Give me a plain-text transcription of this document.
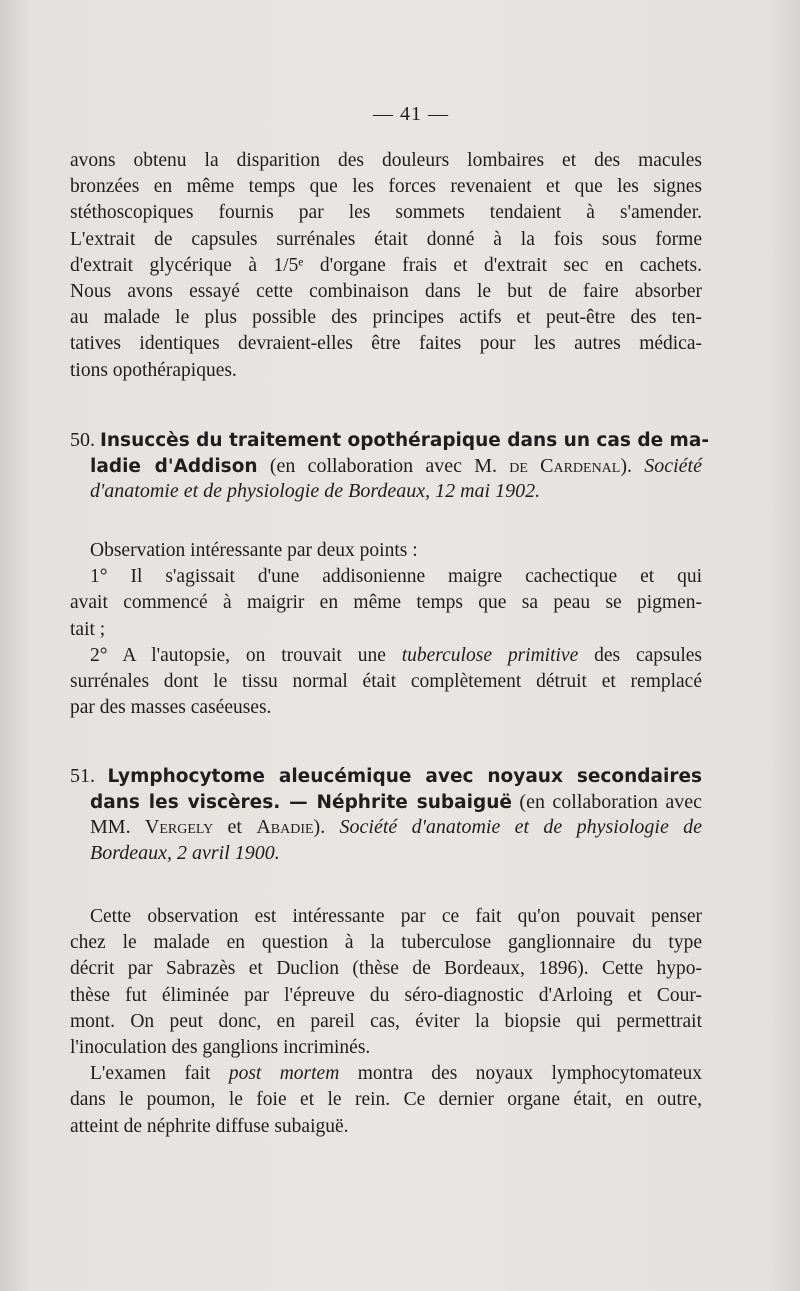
— 41 —
avons obtenu la disparition des douleurs lombaires et des macules
bronzées en même temps que les forces revenaient et que les signes
stéthoscopiques fournis par les sommets tendaient à s'amender.
L'extrait de capsules surrénales était donné à la fois sous forme
d'extrait glycérique à 1/5ᵉ d'organe frais et d'extrait sec en cachets.
Nous avons essayé cette combinaison dans le but de faire absorber
au malade le plus possible des principes actifs et peut-être des ten-
tatives identiques devraient-elles être faites pour les autres médica-
tions opothérapiques.
50. Insuccès du traitement opothérapique dans un cas de ma-
ladie d'Addison (en collaboration avec M. de Cardenal). Société
d'anatomie et de physiologie de Bordeaux, 12 mai 1902.
Observation intéressante par deux points :
1° Il s'agissait d'une addisonienne maigre cachectique et qui
avait commencé à maigrir en même temps que sa peau se pigmen-
tait ;
2° A l'autopsie, on trouvait une tuberculose primitive des capsules
surrénales dont le tissu normal était complètement détruit et remplacé
par des masses caséeuses.
51. Lymphocytome aleucémique avec noyaux secondaires
dans les viscères. — Néphrite subaiguë (en collaboration avec
MM. Vergely et Abadie). Société d'anatomie et de physiologie de
Bordeaux, 2 avril 1900.
Cette observation est intéressante par ce fait qu'on pouvait penser
chez le malade en question à la tuberculose ganglionnaire du type
décrit par Sabrazès et Duclion (thèse de Bordeaux, 1896). Cette hypo-
thèse fut éliminée par l'épreuve du séro-diagnostic d'Arloing et Cour-
mont. On peut donc, en pareil cas, éviter la biopsie qui permettrait
l'inoculation des ganglions incriminés.
L'examen fait post mortem montra des noyaux lymphocytomateux
dans le poumon, le foie et le rein. Ce dernier organe était, en outre,
atteint de néphrite diffuse subaiguë.
